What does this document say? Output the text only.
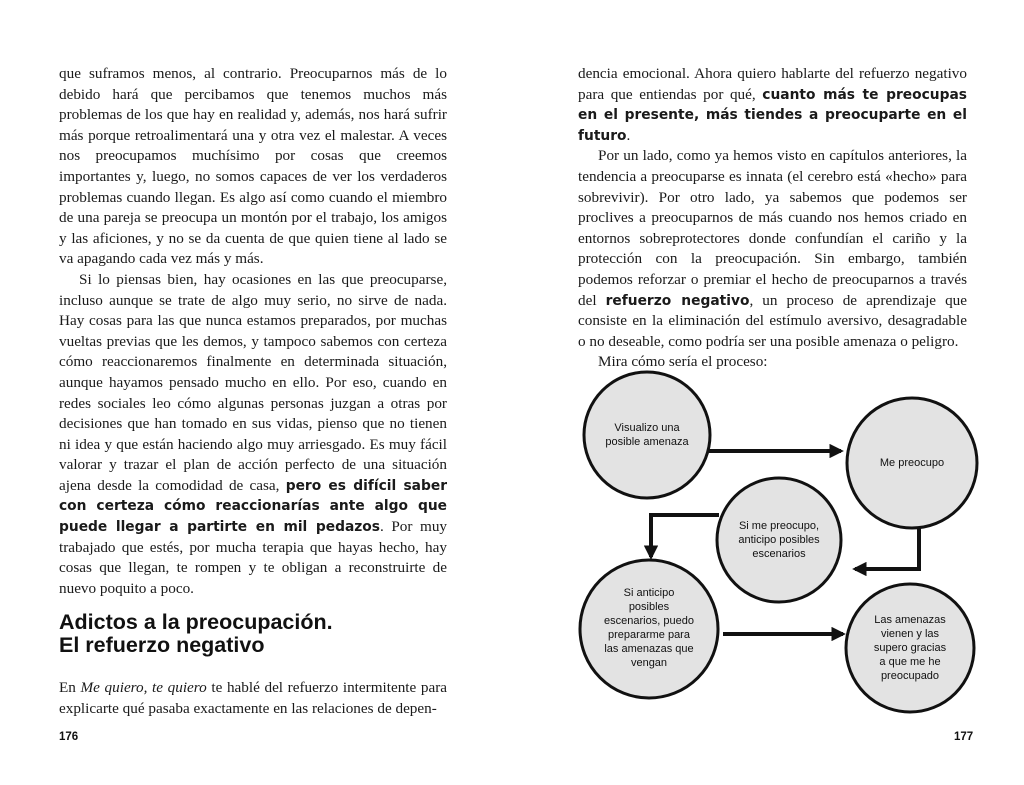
que suframos menos, al contrario. Preocuparnos más de lo debido hará que percibamos que tenemos muchos más problemas de los que hay en realidad y, además, nos hará sufrir más porque retroalimentará una y otra vez el malestar. A veces nos preocupamos muchísimo por cosas que creemos importantes y, luego, no somos capaces de ver los verdaderos problemas cuando llegan. Es algo así como cuando el miembro de una pareja se preocupa un montón por el trabajo, los amigos y las aficiones, y no se da cuenta de que quien tiene al lado se va apagando cada vez más y más.

Si lo piensas bien, hay ocasiones en las que preocuparse, incluso aunque se trate de algo muy serio, no sirve de nada. Hay cosas para las que nunca estamos preparados, por muchas vueltas previas que les demos, y tampoco sabemos con certeza cómo reaccionaremos finalmente en determinada situación, aunque hayamos pensado mucho en ello. Por eso, cuando en redes sociales leo cómo algunas personas juzgan a otras por decisiones que han tomado en sus vidas, pienso que no tienen ni idea y que están haciendo algo muy arriesgado. Es muy fácil valorar y trazar el plan de acción perfecto de una situación ajena desde la comodidad de casa, pero es difícil saber con certeza cómo reaccionarías ante algo que puede llegar a partirte en mil pedazos. Por muy trabajado que estés, por mucha terapia que hayas hecho, hay cosas que llegan, te rompen y te obligan a reconstruirte de nuevo poquito a poco.

Adictos a la preocupación.
El refuerzo negativo

En Me quiero, te quiero te hablé del refuerzo intermitente para explicarte qué pasaba exactamente en las relaciones de depen-

176

dencia emocional. Ahora quiero hablarte del refuerzo negativo para que entiendas por qué, cuanto más te preocupas en el presente, más tiendes a preocuparte en el futuro.

Por un lado, como ya hemos visto en capítulos anteriores, la tendencia a preocuparse es innata (el cerebro está «hecho» para sobrevivir). Por otro lado, ya sabemos que podemos ser proclives a preocuparnos de más cuando nos hemos criado en entornos sobreprotectores donde confundían el cariño y la protección con la preocupación. Sin embargo, también podemos reforzar o premiar el hecho de preocuparnos a través del refuerzo negativo, un proceso de aprendizaje que consiste en la eliminación del estímulo aversivo, desagradable o no deseable, como podría ser una posible amenaza o peligro.

Mira cómo sería el proceso:

Visualizo una
posible amenaza
Me preocupo
Si me preocupo,
anticipo posibles
escenarios
Si anticipo
posibles
escenarios, puedo
prepararme para
las amenazas que
vengan
Las amenazas
vienen y las
supero gracias
a que me he
preocupado
177
